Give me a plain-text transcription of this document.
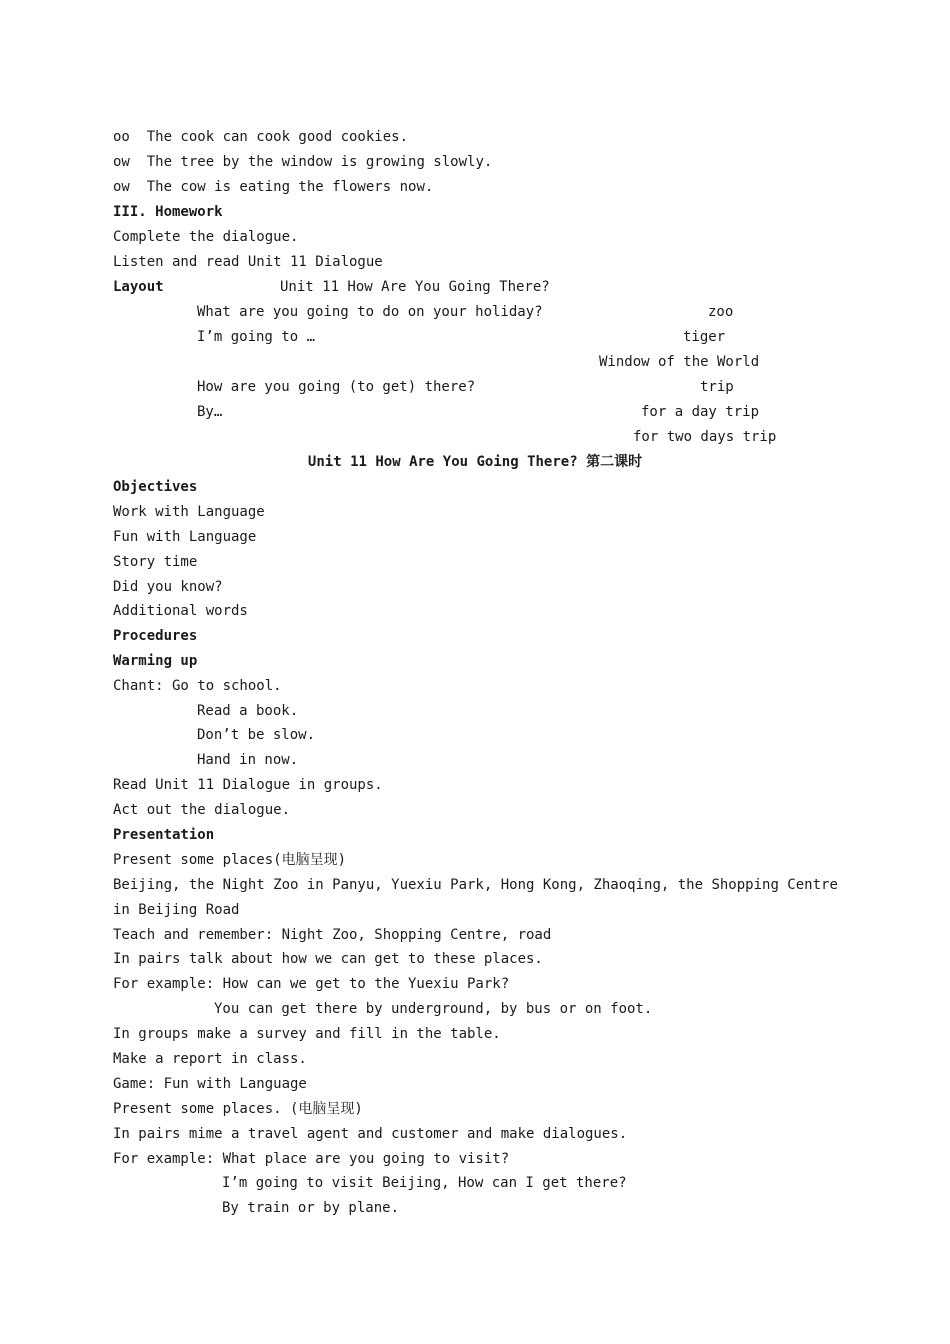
oo The cook can cook good cookies.
ow The tree by the window is growing slowly.
ow The cow is eating the flowers now.
III. Homework
Complete the dialogue.
Listen and read Unit 11 Dialogue
Layout	Unit 11 How Are You Going There?
What are you going to do on your holiday?	zoo
I’m going to …	tiger
Window of the World
How are you going (to get) there?	trip
By…	for a day trip
for two days trip
Unit 11 How Are You Going There? 第二课时
Objectives
Work with Language
Fun with Language
Story time
Did you know?
Additional words
Procedures
Warming up
Chant: Go to school.
Read a book.
Don’t be slow.
Hand in now.
Read Unit 11 Dialogue in groups.
Act out the dialogue.
Presentation
Present some places(电脑呈现)
Beijing, the Night Zoo in Panyu, Yuexiu Park, Hong Kong, Zhaoqing, the Shopping Centre
in Beijing Road
Teach and remember: Night Zoo, Shopping Centre, road
In pairs talk about how we can get to these places.
For example: How can we get to the Yuexiu Park?
You can get there by underground, by bus or on foot.
In groups make a survey and fill in the table.
Make a report in class.
Game: Fun with Language
Present some places. (电脑呈现)
In pairs mime a travel agent and customer and make dialogues.
For example: What place are you going to visit?
I’m going to visit Beijing, How can I get there?
By train or by plane.
